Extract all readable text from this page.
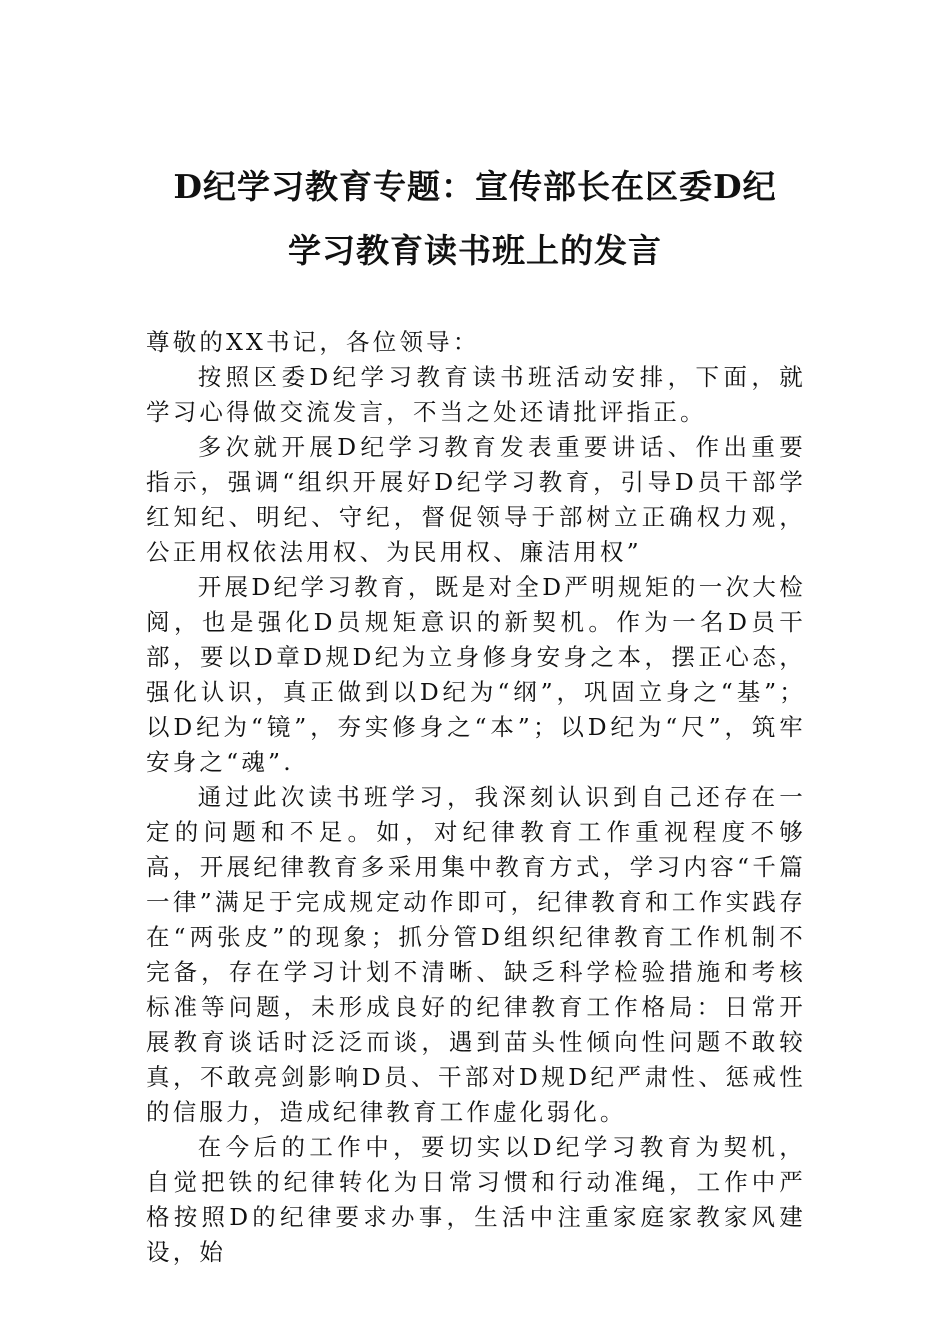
D纪学习教育专题：宣传部长在区委D纪
学习教育读书班上的发言

尊敬的XX书记，各位领导：

按照区委D纪学习教育读书班活动安排，下面，就学习心得做交流发言，不当之处还请批评指正。

多次就开展D纪学习教育发表重要讲话、作出重要指示，强调“组织开展好D纪学习教育，引导D员干部学红知纪、明纪、守纪，督促领导于部树立正确权力观，公正用权依法用权、为民用权、廉洁用权”

开展D纪学习教育，既是对全D严明规矩的一次大检阅，也是强化D员规矩意识的新契机。作为一名D员干部，要以D章D规D纪为立身修身安身之本，摆正心态，强化认识，真正做到以D纪为“纲”，巩固立身之“基”；以D纪为“镜”，夯实修身之“本”；以D纪为“尺”，筑牢安身之“魂”.

通过此次读书班学习，我深刻认识到自己还存在一定的问题和不足。如，对纪律教育工作重视程度不够高，开展纪律教育多采用集中教育方式，学习内容“千篇一律”满足于完成规定动作即可，纪律教育和工作实践存在“两张皮”的现象；抓分管D组织纪律教育工作机制不完备，存在学习计划不清晰、缺乏科学检验措施和考核标准等问题，未形成良好的纪律教育工作格局：日常开展教育谈话时泛泛而谈，遇到苗头性倾向性问题不敢较真，不敢亮剑影响D员、干部对D规D纪严肃性、惩戒性的信服力，造成纪律教育工作虚化弱化。

在今后的工作中，要切实以D纪学习教育为契机，自觉把铁的纪律转化为日常习惯和行动准绳，工作中严格按照D的纪律要求办事，生活中注重家庭家教家风建设，始
